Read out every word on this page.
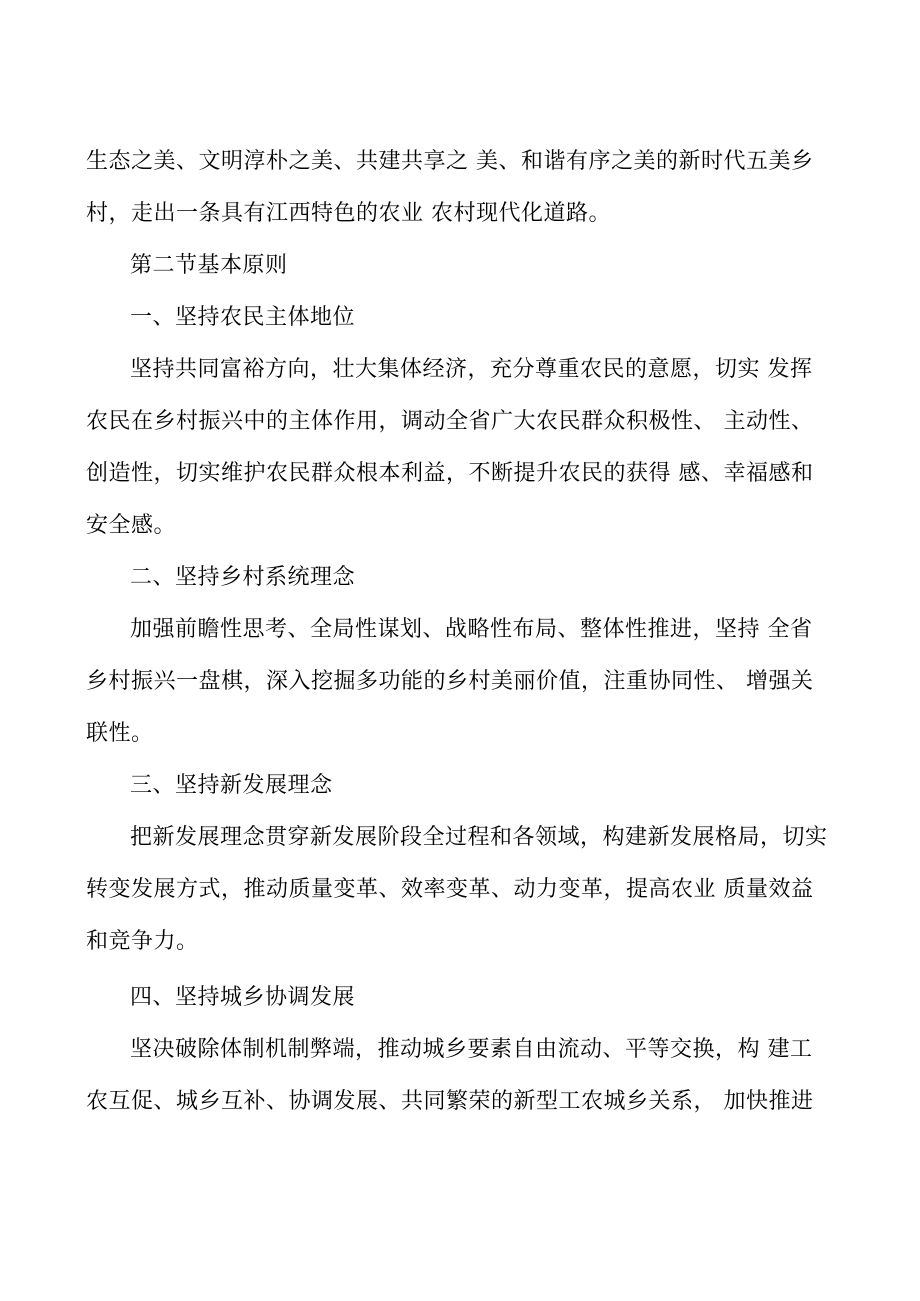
生态之美、文明淳朴之美、共建共享之 美、和谐有序之美的新时代五美乡
村，走出一条具有江西特色的农业 农村现代化道路。
第二节基本原则
一、坚持农民主体地位
坚持共同富裕方向，壮大集体经济，充分尊重农民的意愿，切实 发挥
农民在乡村振兴中的主体作用，调动全省广大农民群众积极性、 主动性、
创造性，切实维护农民群众根本利益，不断提升农民的获得 感、幸福感和
安全感。
二、坚持乡村系统理念
加强前瞻性思考、全局性谋划、战略性布局、整体性推进，坚持 全省
乡村振兴一盘棋，深入挖掘多功能的乡村美丽价值，注重协同性、 增强关
联性。
三、坚持新发展理念
把新发展理念贯穿新发展阶段全过程和各领域，构建新发展格局，切实
转变发展方式，推动质量变革、效率变革、动力变革，提高农业 质量效益
和竞争力。
四、坚持城乡协调发展
坚决破除体制机制弊端，推动城乡要素自由流动、平等交换，构 建工
农互促、城乡互补、协调发展、共同繁荣的新型工农城乡关系， 加快推进
